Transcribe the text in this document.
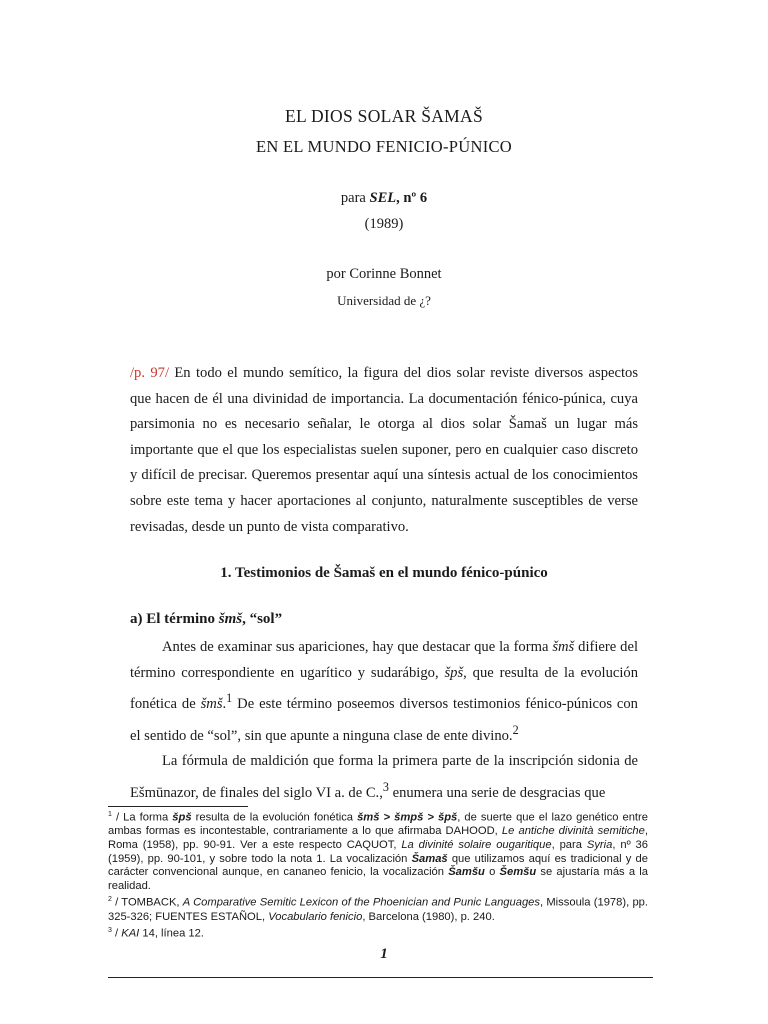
EL DIOS SOLAR ŠAMAŠ
EN EL MUNDO FENICIO-PÚNICO
para SEL, nº 6
(1989)
por Corinne Bonnet
Universidad de ¿?

/p. 97/ En todo el mundo semítico, la figura del dios solar reviste diversos aspectos que hacen de él una divinidad de importancia. La documentación fénico-púnica, cuya parsimonia no es necesario señalar, le otorga al dios solar Šamaš un lugar más importante que el que los especialistas suelen suponer, pero en cualquier caso discreto y difícil de precisar. Queremos presentar aquí una síntesis actual de los conocimientos sobre este tema y hacer aportaciones al conjunto, naturalmente susceptibles de verse revisadas, desde un punto de vista comparativo.

1. Testimonios de Šamaš en el mundo fénico-púnico
a) El término šmš, “sol”

Antes de examinar sus apariciones, hay que destacar que la forma šmš difiere del término correspondiente en ugarítico y sudarábigo, špš, que resulta de la evolución fonética de šmš.$^1$ De este término poseemos diversos testimonios fénico-púnicos con el sentido de “sol”, sin que apunte a ninguna clase de ente divino.$^2$

La fórmula de maldición que forma la primera parte de la inscripción sidonia de Ešmūnazor, de finales del siglo VI a. de C.,$^3$ enumera una serie de desgracias que

$^1$ / La forma špš resulta de la evolución fonética šmš > šmpš > špš, de suerte que el lazo genético entre ambas formas es incontestable, contrariamente a lo que afirmaba DAHOOD, Le antiche divinità semitiche, Roma (1958), pp. 90-91. Ver a este respecto CAQUOT, La divinité solaire ougaritique, para Syria, nº 36 (1959), pp. 90-101, y sobre todo la nota 1. La vocalización Šamaš que utilizamos aquí es tradicional y de carácter convencional aunque, en cananeo fenicio, la vocalización Šamšu o Šemšu se ajustaría más a la realidad.

$^2$ / TOMBACK, A Comparative Semitic Lexicon of the Phoenician and Punic Languages, Missoula (1978), pp. 325-326; FUENTES ESTAÑOL, Vocabulario fenicio, Barcelona (1980), p. 240.

$^3$ / KAI 14, línea 12.

1
